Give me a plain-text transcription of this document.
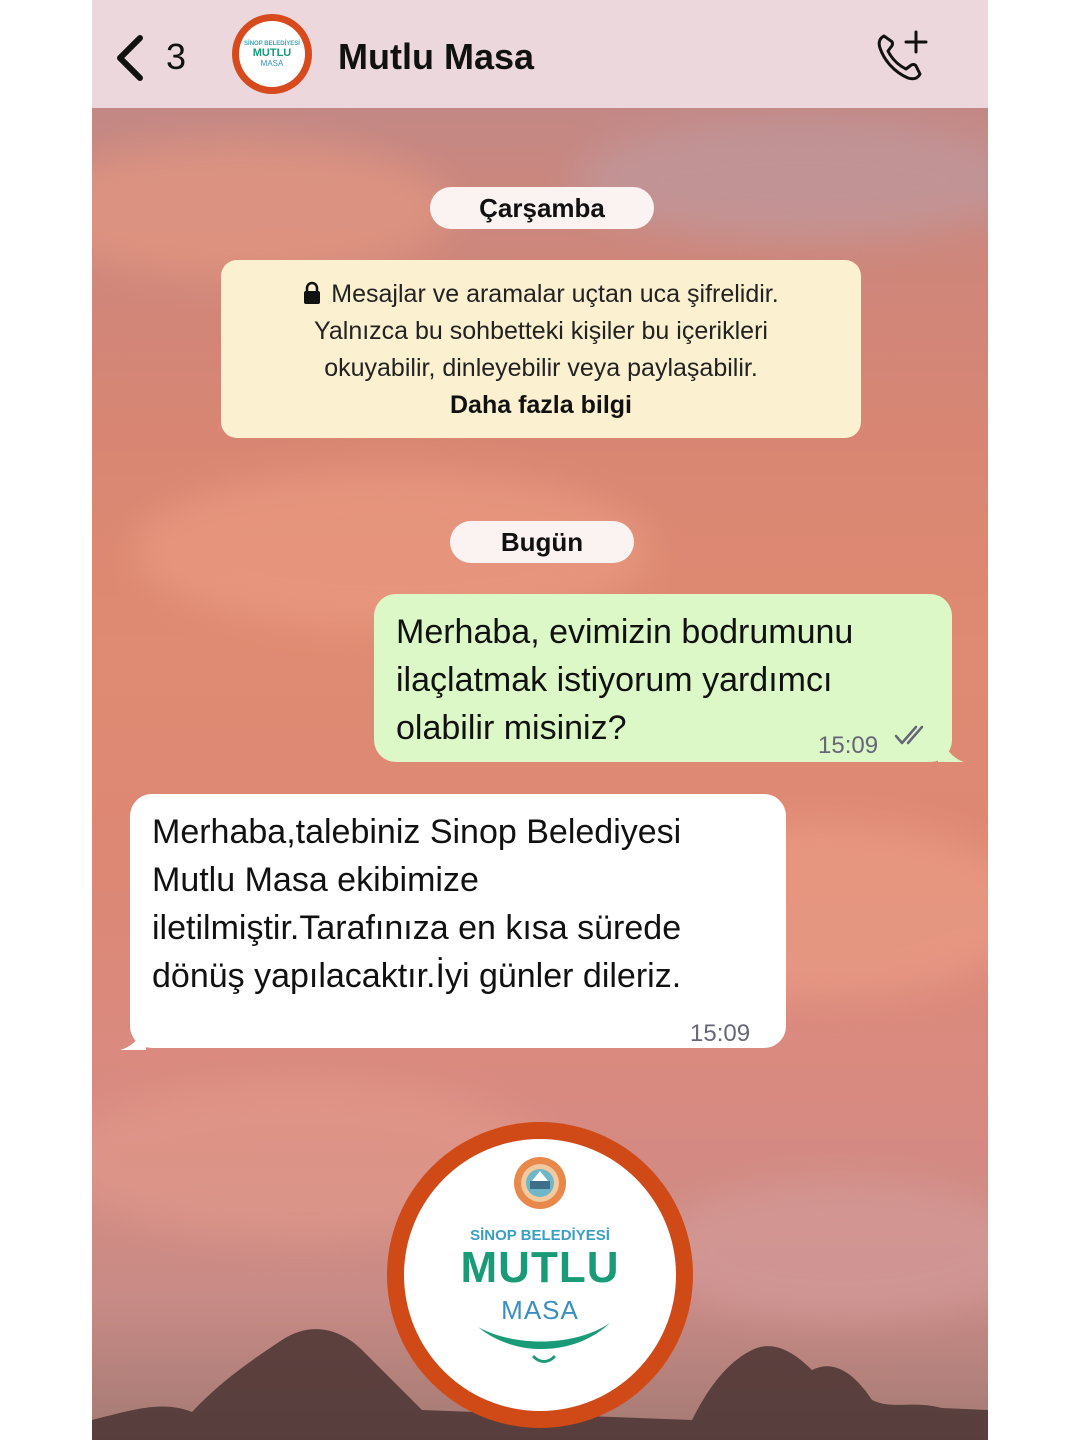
3	SİNOP BELEDİYESİ
MUTLU
MASA Mutlu Masa
Çarşamba
Mesajlar ve aramalar uçtan uca şifrelidir.
Yalnızca bu sohbetteki kişiler bu içerikleri
okuyabilir, dinleyebilir veya paylaşabilir.
Daha fazla bilgi
Bugün
Merhaba, evimizin bodrumunu
ilaçlatmak istiyorum yardımcı
olabilir misiniz?	15:09
Merhaba,talebiniz Sinop Belediyesi
Mutlu Masa ekibimize
iletilmiştir.Tarafınıza en kısa sürede
dönüş yapılacaktır.İyi günler dileriz.
15:09
SİNOP BELEDİYESİ
MUTLU
MASA
